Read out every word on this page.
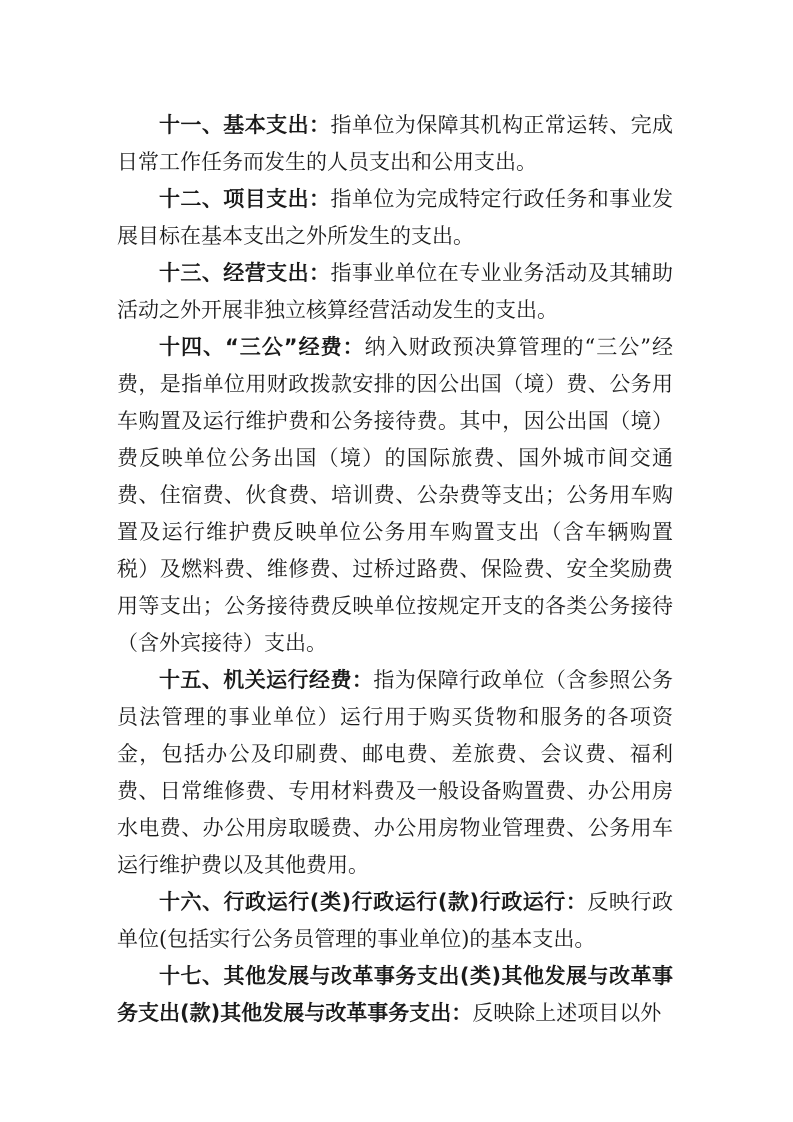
十一、基本支出：指单位为保障其机构正常运转、完成日常工作任务而发生的人员支出和公用支出。

十二、项目支出：指单位为完成特定行政任务和事业发展目标在基本支出之外所发生的支出。

十三、经营支出：指事业单位在专业业务活动及其辅助活动之外开展非独立核算经营活动发生的支出。

十四、“三公”经费：纳入财政预决算管理的“三公”经费，是指单位用财政拨款安排的因公出国（境）费、公务用车购置及运行维护费和公务接待费。其中，因公出国（境）费反映单位公务出国（境）的国际旅费、国外城市间交通费、住宿费、伙食费、培训费、公杂费等支出；公务用车购置及运行维护费反映单位公务用车购置支出（含车辆购置税）及燃料费、维修费、过桥过路费、保险费、安全奖励费用等支出；公务接待费反映单位按规定开支的各类公务接待（含外宾接待）支出。

十五、机关运行经费：指为保障行政单位（含参照公务员法管理的事业单位）运行用于购买货物和服务的各项资金，包括办公及印刷费、邮电费、差旅费、会议费、福利费、日常维修费、专用材料费及一般设备购置费、办公用房水电费、办公用房取暖费、办公用房物业管理费、公务用车运行维护费以及其他费用。

十六、行政运行(类)行政运行(款)行政运行：反映行政单位(包括实行公务员管理的事业单位)的基本支出。

十七、其他发展与改革事务支出(类)其他发展与改革事务支出(款)其他发展与改革事务支出：反映除上述项目以外
